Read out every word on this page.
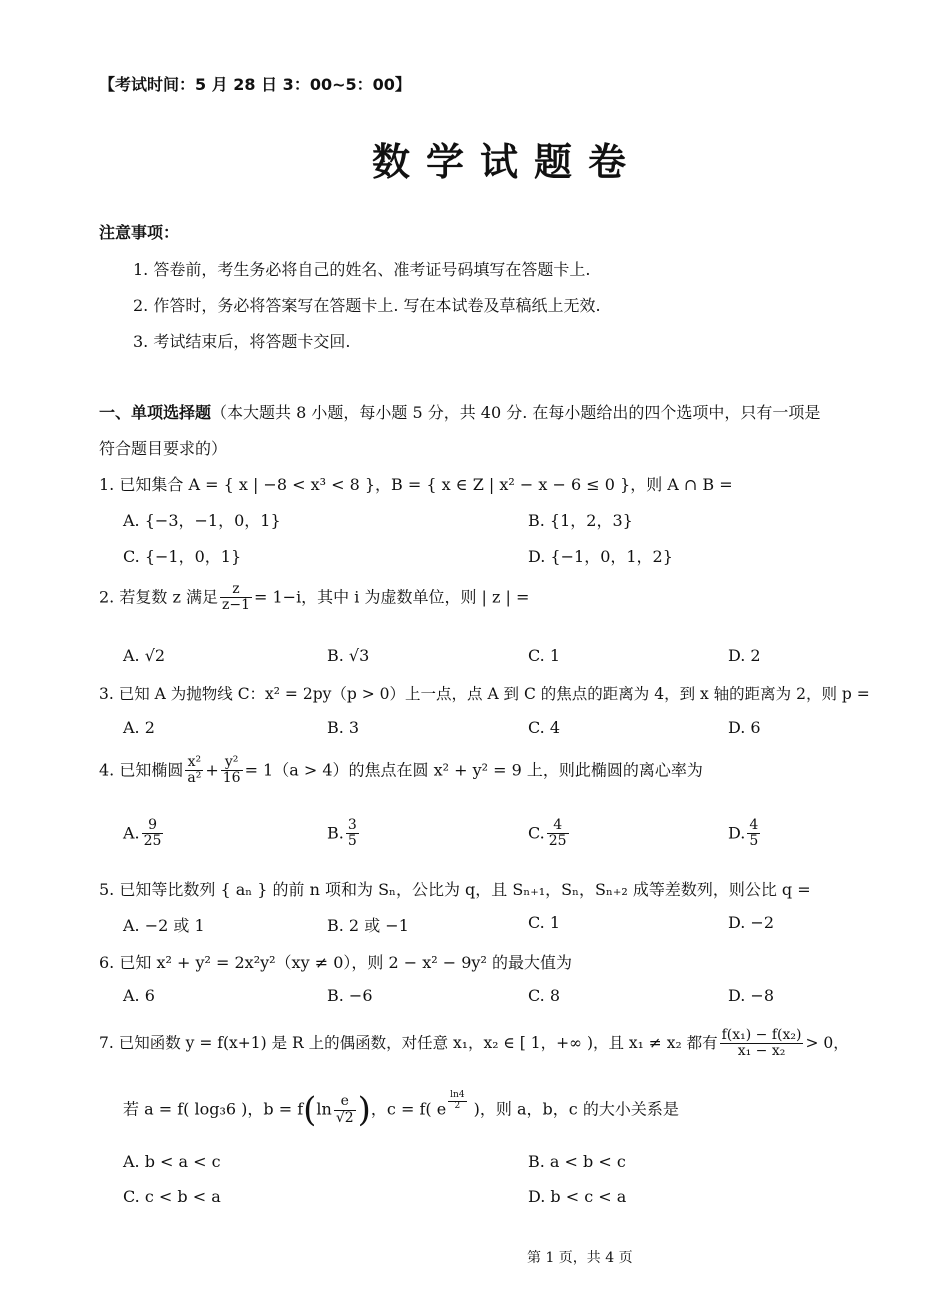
【考试时间：5 月 28 日 3：00~5：00】
数学试题卷
注意事项：
1. 答卷前，考生务必将自己的姓名、准考证号码填写在答题卡上.
2. 作答时，务必将答案写在答题卡上. 写在本试卷及草稿纸上无效.
3. 考试结束后，将答题卡交回.
一、单项选择题（本大题共 8 小题，每小题 5 分，共 40 分. 在每小题给出的四个选项中，只有一项是
符合题目要求的）
1. 已知集合 A = { x | −8 < x³ < 8 }，B = { x ∈ Z | x² − x − 6 ≤ 0 }，则 A ∩ B =
A. {−3，−1，0，1}	B. {1，2，3}
C. {−1，0，1}	D. {−1，0，1，2}
2. 若复数 z 满足 $\frac{z}{z-1} = 1-i$，其中 i 为虚数单位，则 | z | =
A. √2	B. √3	C. 1	D. 2
3. 已知 A 为抛物线 C：x² = 2py（p > 0）上一点，点 A 到 C 的焦点的距离为 4，到 x 轴的距离为 2，则 p =
A. 2	B. 3	C. 4	D. 6
4. 已知椭圆 $\frac{\text{x²}}{\text{a²}} + \frac{\text{y²}}{16} = 1(a > 4)$的焦点在圆 x² + y² = 9 上，则此椭圆的离心率为
A. $\frac{9}{25}$	B. $\frac{3}{5}$	C. $\frac{4}{25}$	D. $\frac{4}{5}$
5. 已知等比数列 { aₙ } 的前 n 项和为 Sₙ，公比为 q，且 Sₙ₊₁，Sₙ，Sₙ₊₂ 成等差数列，则公比 q =
A. −2 或 1	B. 2 或 −1	C. 1	D. −2
6. 已知 x² + y² = 2x²y²（xy ≠ 0），则 2 − x² − 9y² 的最大值为
A. 6	B. −6	C. 8	D. −8
7. 已知函数 y = f(x+1) 是 R 上的偶函数，对任意 x₁，x₂ ∈ [ 1，+∞ )，且 x₁ ≠ x₂ 都有 $\frac{\text{f(x₁) − f(x₂)}}{\text{x₁ − x₂}} > 0$，
若 a = f( log₃6 )，$b = f(\ln \frac{e}{√2}$ )，c = f( e $^{\frac{\ln 4}{2}}$ )，则 a，b，c 的大小关系是
A. b < a < c	B. a < b < c
C. c < b < a	D. b < c < a
第 1 页，共 4 页
